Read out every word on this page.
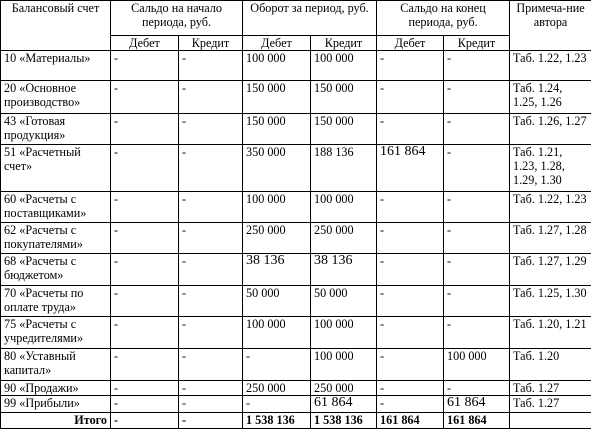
Балансовый счет	Сальдо на начало периода, руб.		Оборот за период, руб.		Сальдо на конец периода, руб.		Примеча-ние автора
	Дебет	Кредит	Дебет	Кредит	Дебет	Кредит	
10 «Материалы»	-	-	100 000	100 000	-	-	Таб. 1.22, 1.23
20 «Основное производство»	-	-	150 000	150 000	-	-	Таб. 1.24, 1.25, 1.26
43 «Готовая продукция»	-	-	150 000	150 000	-	-	Таб. 1.26, 1.27
51 «Расчетный счет»	-	-	350 000	188 136	161 864	-	Таб. 1.21, 1.23, 1.28, 1.29, 1.30
60 «Расчеты с поставщиками»	-	-	100 000	100 000	-	-	Таб. 1.22, 1.23
62 «Расчеты с покупателями»	-	-	250 000	250 000	-	-	Таб. 1.27, 1.28
68 «Расчеты с бюджетом»	-	-	38 136	38 136	-	-	Таб. 1.27, 1.29
70 «Расчеты по оплате труда»	-	-	50 000	50 000	-	-	Таб. 1.25, 1.30
75 «Расчеты с учредителями»	-	-	100 000	100 000	-	-	Таб. 1.20, 1.21
80 «Уставный капитал»	-	-	-	100 000	-	100 000	Таб. 1.20
90 «Продажи»	-	-	250 000	250 000	-	-	Таб. 1.27
99 «Прибыли»	-	-	-	61 864	-	61 864	Таб. 1.27
Итого	-	-	1 538 136	1 538 136	161 864	161 864	
